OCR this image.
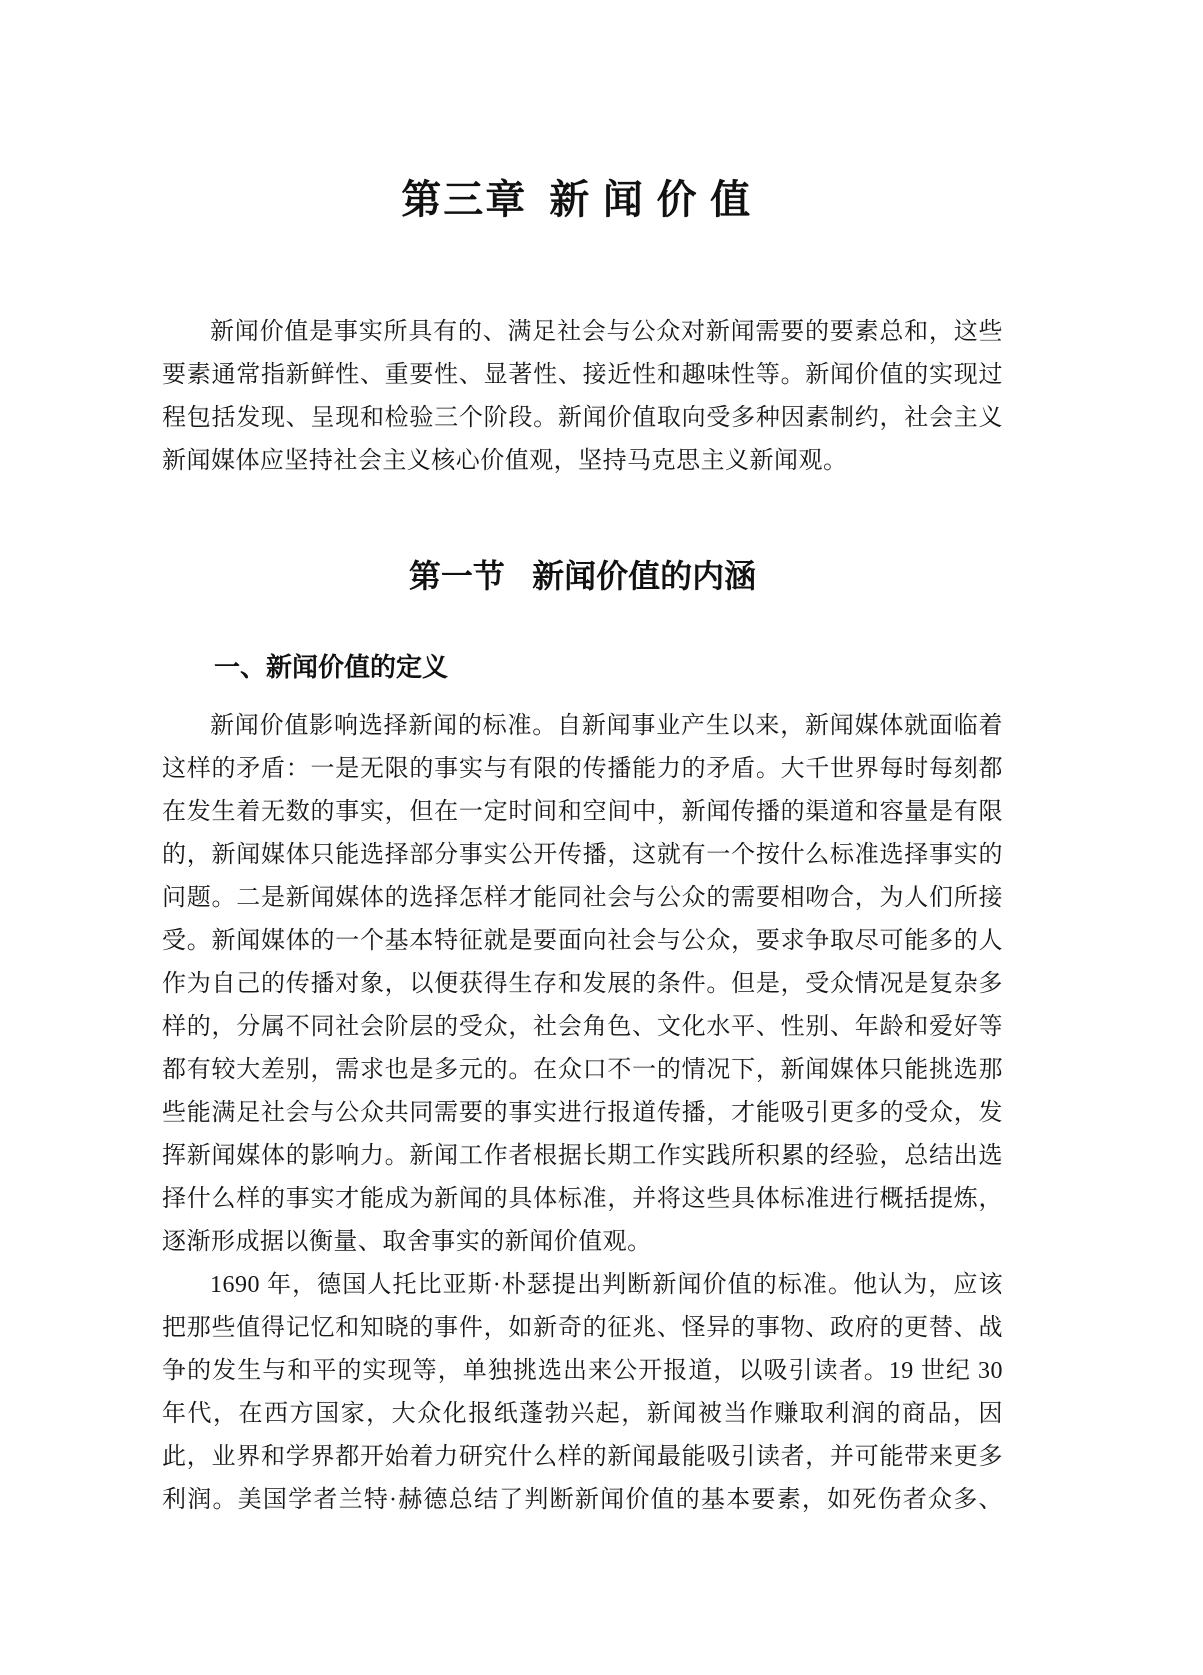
第三章 新闻价值
新闻价值是事实所具有的、满足社会与公众对新闻需要的要素总和，这些
要素通常指新鲜性、重要性、显著性、接近性和趣味性等。新闻价值的实现过
程包括发现、呈现和检验三个阶段。新闻价值取向受多种因素制约，社会主义
新闻媒体应坚持社会主义核心价值观，坚持马克思主义新闻观。
第一节 新闻价值的内涵
一、新闻价值的定义
新闻价值影响选择新闻的标准。自新闻事业产生以来，新闻媒体就面临着
这样的矛盾：一是无限的事实与有限的传播能力的矛盾。大千世界每时每刻都
在发生着无数的事实，但在一定时间和空间中，新闻传播的渠道和容量是有限
的，新闻媒体只能选择部分事实公开传播，这就有一个按什么标准选择事实的
问题。二是新闻媒体的选择怎样才能同社会与公众的需要相吻合，为人们所接
受。新闻媒体的一个基本特征就是要面向社会与公众，要求争取尽可能多的人
作为自己的传播对象，以便获得生存和发展的条件。但是，受众情况是复杂多
样的，分属不同社会阶层的受众，社会角色、文化水平、性别、年龄和爱好等
都有较大差别，需求也是多元的。在众口不一的情况下，新闻媒体只能挑选那
些能满足社会与公众共同需要的事实进行报道传播，才能吸引更多的受众，发
挥新闻媒体的影响力。新闻工作者根据长期工作实践所积累的经验，总结出选
择什么样的事实才能成为新闻的具体标准，并将这些具体标准进行概括提炼，
逐渐形成据以衡量、取舍事实的新闻价值观。
1690 年，德国人托比亚斯·朴瑟提出判断新闻价值的标准。他认为，应该
把那些值得记忆和知晓的事件，如新奇的征兆、怪异的事物、政府的更替、战
争的发生与和平的实现等，单独挑选出来公开报道，以吸引读者。19 世纪 30
年代，在西方国家，大众化报纸蓬勃兴起，新闻被当作赚取利润的商品，因
此，业界和学界都开始着力研究什么样的新闻最能吸引读者，并可能带来更多
利润。美国学者兰特·赫德总结了判断新闻价值的基本要素，如死伤者众多、
